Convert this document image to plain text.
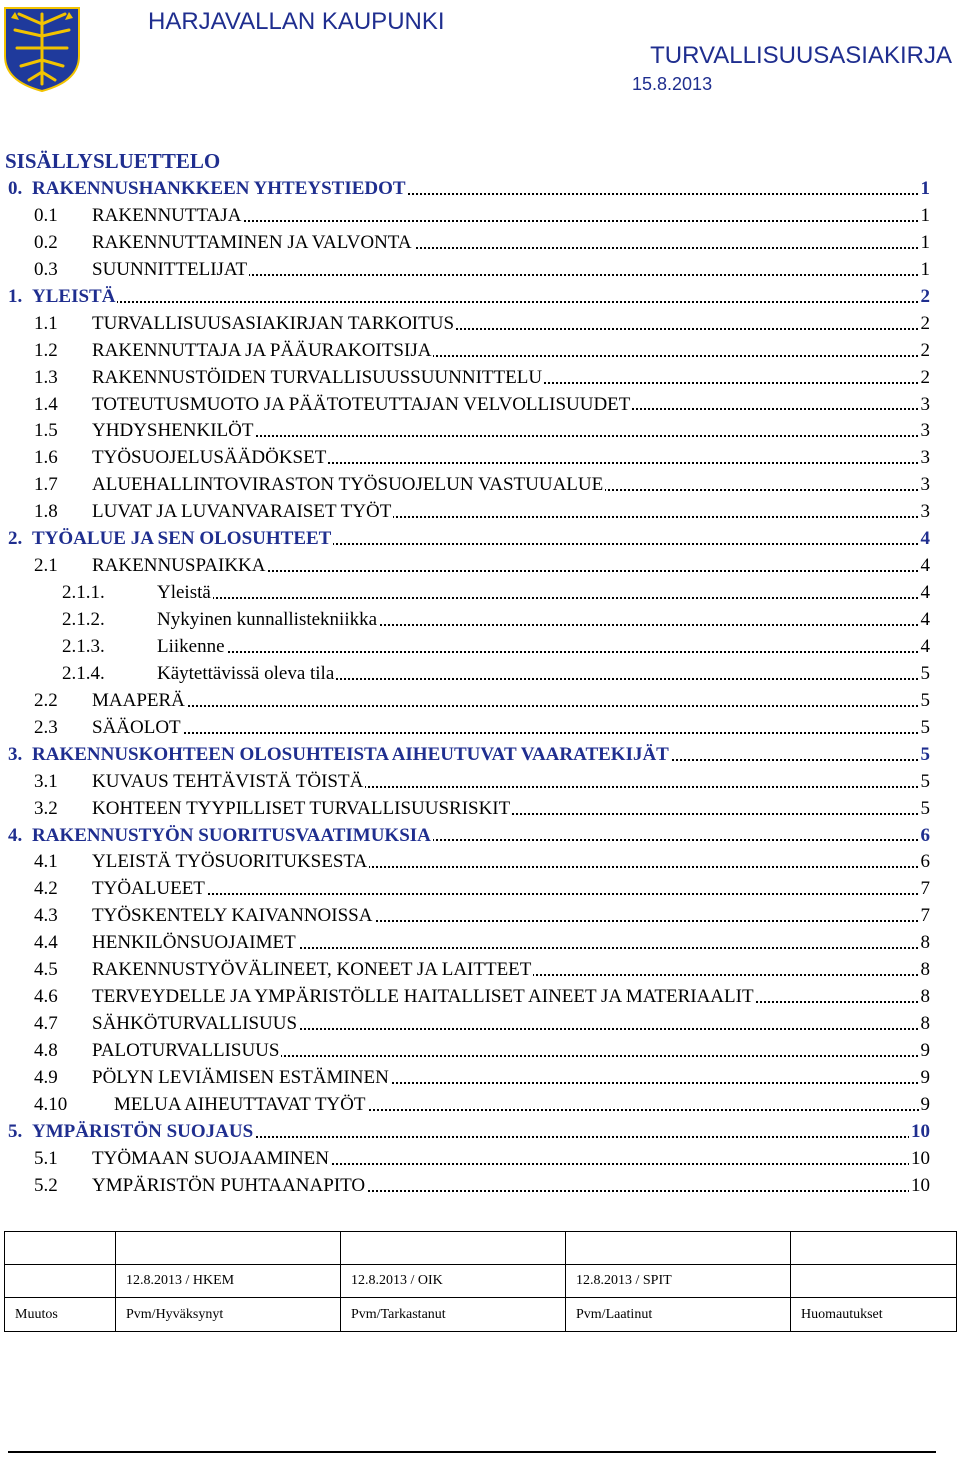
HARJAVALLAN KAUPUNKI
TURVALLISUUSASIAKIRJA
15.8.2013
SISÄLLYSLUETTELO
0. RAKENNUSHANKKEEN YHTEYSTIEDOT	1
0.1 RAKENNUTTAJA	1
0.2 RAKENNUTTAMINEN JA VALVONTA	1
0.3 SUUNNITTELIJAT	1
1. YLEISTÄ	2
1.1 TURVALLISUUSASIAKIRJAN TARKOITUS	2
1.2 RAKENNUTTAJA JA PÄÄURAKOITSIJA	2
1.3 RAKENNUSTÖIDEN TURVALLISUUSSUUNNITTELU	2
1.4 TOTEUTUSMUOTO JA PÄÄTOTEUTTAJAN VELVOLLISUUDET	3
1.5 YHDYSHENKILÖT	3
1.6 TYÖSUOJELUSÄÄDÖKSET	3
1.7 ALUEHALLINTOVIRASTON TYÖSUOJELUN VASTUUALUE	3
1.8 LUVAT JA LUVANVARAISET TYÖT	3
2. TYÖALUE JA SEN OLOSUHTEET	4
2.1 RAKENNUSPAIKKA	4
2.1.1.	Yleistä	4
2.1.2.	Nykyinen kunnallistekniikka	4
2.1.3.	Liikenne	4
2.1.4.	Käytettävissä oleva tila	5
2.2 MAAPERÄ	5
2.3 SÄÄOLOT	5
3. RAKENNUSKOHTEEN OLOSUHTEISTA AIHEUTUVAT VAARATEKIJÄT	5
3.1 KUVAUS TEHTÄVISTÄ TÖISTÄ	5
3.2 KOHTEEN TYYPILLISET TURVALLISUUSRISKIT	5
4. RAKENNUSTYÖN SUORITUSVAATIMUKSIA	6
4.1 YLEISTÄ TYÖSUORITUKSESTA	6
4.2 TYÖALUEET	7
4.3 TYÖSKENTELY KAIVANNOISSA	7
4.4 HENKILÖNSUOJAIMET	8
4.5 RAKENNUSTYÖVÄLINEET, KONEET JA LAITTEET	8
4.6 TERVEYDELLE JA YMPÄRISTÖLLE HAITALLISET AINEET JA MATERIAALIT	8
4.7 SÄHKÖTURVALLISUUS	8
4.8 PALOTURVALLISUUS	9
4.9 PÖLYN LEVIÄMISEN ESTÄMINEN	9
4.10 MELUA AIHEUTTAVAT TYÖT	9
5. YMPÄRISTÖN SUOJAUS	10
5.1 TYÖMAAN SUOJAAMINEN	10
5.2 YMPÄRISTÖN PUHTAANAPITO	10

	12.8.2013 / HKEM	12.8.2013 / OIK	12.8.2013 / SPIT	
Muutos	Pvm/Hyväksynyt	Pvm/Tarkastanut	Pvm/Laatinut	Huomautukset
